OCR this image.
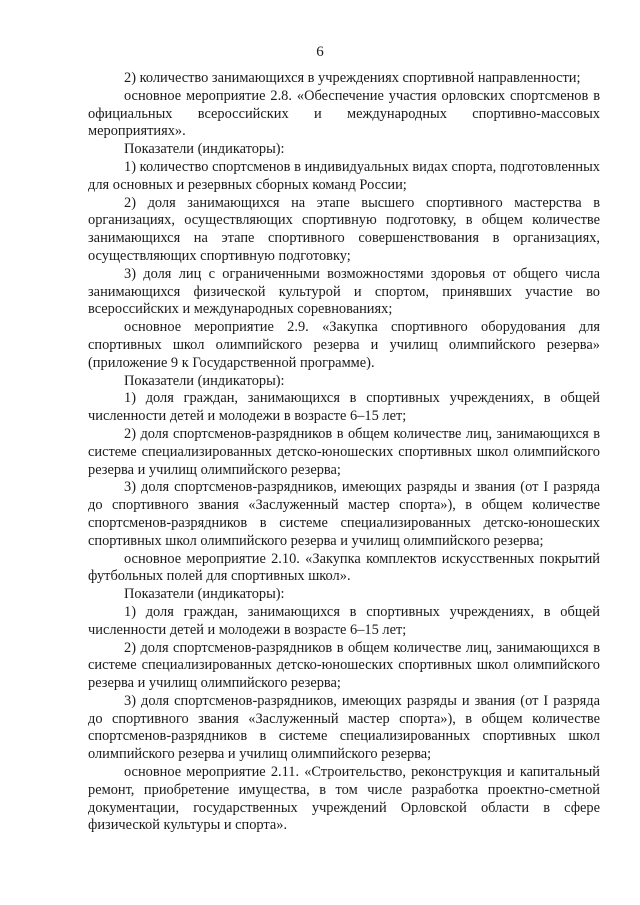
6

2) количество занимающихся в учреждениях спортивной направленности;

основное мероприятие 2.8. «Обеспечение участия орловских спортсменов в официальных всероссийских и международных спортивно-массовых мероприятиях».

Показатели (индикаторы):

1) количество спортсменов в индивидуальных видах спорта, подготовленных для основных и резервных сборных команд России;

2) доля занимающихся на этапе высшего спортивного мастерства в организациях, осуществляющих спортивную подготовку, в общем количестве занимающихся на этапе спортивного совершенствования в организациях, осуществляющих спортивную подготовку;

3) доля лиц с ограниченными возможностями здоровья от общего числа занимающихся физической культурой и спортом, принявших участие во всероссийских и международных соревнованиях;

основное мероприятие 2.9. «Закупка спортивного оборудования для спортивных школ олимпийского резерва и училищ олимпийского резерва» (приложение 9 к Государственной программе).

Показатели (индикаторы):

1) доля граждан, занимающихся в спортивных учреждениях, в общей численности детей и молодежи в возрасте 6–15 лет;

2) доля спортсменов-разрядников в общем количестве лиц, занимающихся в системе специализированных детско-юношеских спортивных школ олимпийского резерва и училищ олимпийского резерва;

3) доля спортсменов-разрядников, имеющих разряды и звания (от I разряда до спортивного звания «Заслуженный мастер спорта»), в общем количестве спортсменов-разрядников в системе специализированных детско-юношеских спортивных школ олимпийского резерва и училищ олимпийского резерва;

основное мероприятие 2.10. «Закупка комплектов искусственных покрытий футбольных полей для спортивных школ».

Показатели (индикаторы):

1) доля граждан, занимающихся в спортивных учреждениях, в общей численности детей и молодежи в возрасте 6–15 лет;

2) доля спортсменов-разрядников в общем количестве лиц, занимающихся в системе специализированных детско-юношеских спортивных школ олимпийского резерва и училищ олимпийского резерва;

3) доля спортсменов-разрядников, имеющих разряды и звания (от I разряда до спортивного звания «Заслуженный мастер спорта»), в общем количестве спортсменов-разрядников в системе специализированных спортивных школ олимпийского резерва и училищ олимпийского резерва;

основное мероприятие 2.11. «Строительство, реконструкция и капитальный ремонт, приобретение имущества, в том числе разработка проектно-сметной документации, государственных учреждений Орловской области в сфере физической культуры и спорта».
